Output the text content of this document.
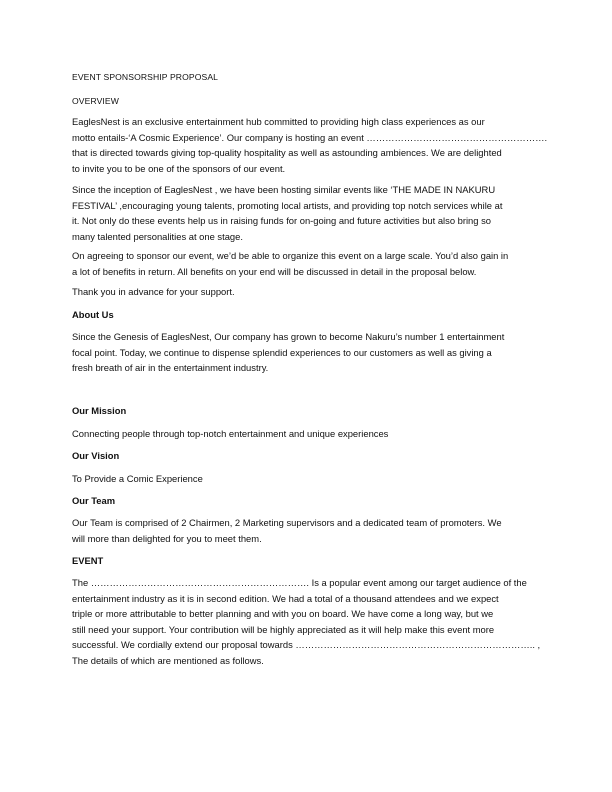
EVENT SPONSORSHIP PROPOSAL
OVERVIEW
EaglesNest is an exclusive entertainment hub committed to providing high class experiences as our
motto entails-‘A Cosmic Experience’. Our company is hosting an event ………………………………………………….
that is directed towards giving top-quality hospitality as well as astounding ambiences. We are delighted
to invite you to be one of the sponsors of our event.
Since the inception of EaglesNest , we have been hosting similar events like ‘THE MADE IN NAKURU
FESTIVAL’ ,encouraging young talents, promoting local artists, and providing top notch services while at
it. Not only do these events help us in raising funds for on-going and future activities but also bring so
many talented personalities at one stage.
On agreeing to sponsor our event, we’d be able to organize this event on a large scale. You’d also gain in
a lot of benefits in return. All benefits on your end will be discussed in detail in the proposal below.
Thank you in advance for your support.
About Us
Since the Genesis of EaglesNest, Our company has grown to become Nakuru’s number 1 entertainment
focal point. Today, we continue to dispense splendid experiences to our customers as well as giving a
fresh breath of air in the entertainment industry.
Our Mission
Connecting people through top-notch entertainment and unique experiences
Our Vision
To Provide a Comic Experience
Our Team
Our Team is comprised of 2 Chairmen, 2 Marketing supervisors and a dedicated team of promoters. We
will more than delighted for you to meet them.
EVENT
The ……………………………………………………………. Is a popular event among our target audience of the
entertainment industry as it is in second edition. We had a total of a thousand attendees and we expect
triple or more attributable to better planning and with you on board. We have come a long way, but we
still need your support. Your contribution will be highly appreciated as it will help make this event more
successful. We cordially extend our proposal towards ………………………………………………………………….. ,
The details of which are mentioned as follows.
